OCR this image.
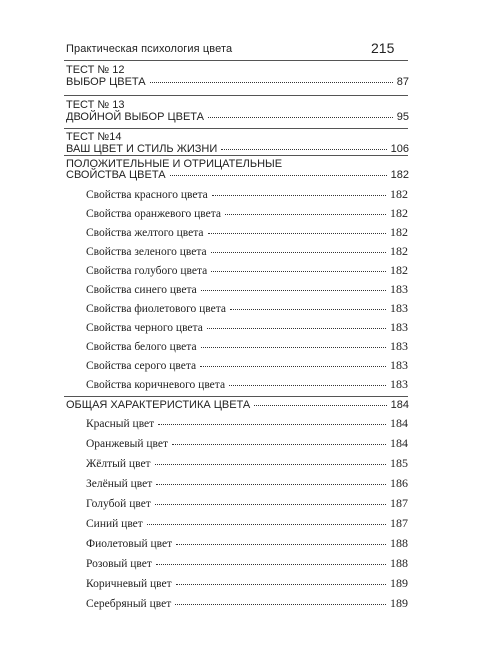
Практическая психология цвета	215
ТЕСТ № 12
ВЫБОР ЦВЕТА	87
ТЕСТ № 13
ДВОЙНОЙ ВЫБОР ЦВЕТА	95
ТЕСТ №14
ВАШ ЦВЕТ И СТИЛЬ ЖИЗНИ	106
ПОЛОЖИТЕЛЬНЫЕ И ОТРИЦАТЕЛЬНЫЕ
СВОЙСТВА ЦВЕТА	182
Свойства красного цвета	182
Свойства оранжевого цвета	182
Свойства желтого цвета	182
Свойства зеленого цвета	182
Свойства голубого цвета	182
Свойства синего цвета	183
Свойства фиолетового цвета	183
Свойства черного цвета	183
Свойства белого цвета	183
Свойства серого цвета	183
Свойства коричневого цвета	183
ОБЩАЯ ХАРАКТЕРИСТИКА ЦВЕТА	184
Красный цвет	184
Оранжевый цвет	184
Жёлтый цвет	185
Зелёный цвет	186
Голубой цвет	187
Синий цвет	187
Фиолетовый цвет	188
Розовый цвет	188
Коричневый цвет	189
Серебряный цвет	189
